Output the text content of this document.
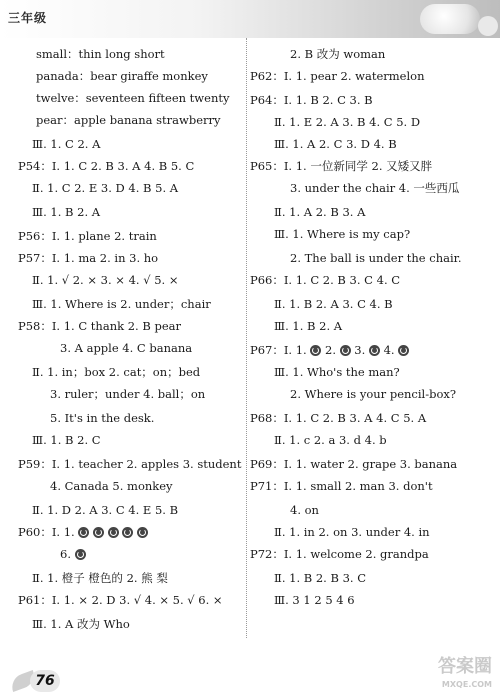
三年级
small：thin long short
panada：bear giraffe monkey
twelve：seventeen fifteen twenty
pear：apple banana strawberry
Ⅲ. 1. C 2. A
P54：Ⅰ. 1. C 2. B 3. A 4. B 5. C
Ⅱ. 1. C 2. E 3. D 4. B 5. A
Ⅲ. 1. B 2. A
P56：Ⅰ. 1. plane 2. train
P57：Ⅰ. 1. ma 2. in 3. ho
Ⅱ. 1. √ 2. × 3. × 4. √ 5. ×
Ⅲ. 1. Where is 2. under；chair
P58：Ⅰ. 1. C thank 2. B pear
3. A apple 4. C banana
Ⅱ. 1. in；box 2. cat；on；bed
3. ruler；under 4. ball；on
5. It's in the desk.
Ⅲ. 1. B 2. C
P59：Ⅰ. 1. teacher 2. apples 3. student
4. Canada 5. monkey
Ⅱ. 1. D 2. A 3. C 4. E 5. B
P60：Ⅰ. 1.
6.
Ⅱ. 1. 橙子 橙色的 2. 熊 梨
P61：Ⅰ. 1. × 2. D 3. √ 4. × 5. √ 6. ×
Ⅲ. 1. A 改为 Who
2. B 改为 woman
P62：Ⅰ. 1. pear 2. watermelon
P64：Ⅰ. 1. B 2. C 3. B
Ⅱ. 1. E 2. A 3. B 4. C 5. D
Ⅲ. 1. A 2. C 3. D 4. B
P65：Ⅰ. 1. 一位新同学 2. 又矮又胖
3. under the chair 4. 一些西瓜
Ⅱ. 1. A 2. B 3. A
Ⅲ. 1. Where is my cap?
2. The ball is under the chair.
P66：Ⅰ. 1. C 2. B 3. C 4. C
Ⅱ. 1. B 2. A 3. C 4. B
Ⅲ. 1. B 2. A
P67：Ⅰ. 1.  2.  3.  4.
Ⅲ. 1. Who's the man?
2. Where is your pencil-box?
P68：Ⅰ. 1. C 2. B 3. A 4. C 5. A
Ⅱ. 1. c 2. a 3. d 4. b
P69：Ⅰ. 1. water 2. grape 3. banana
P71：Ⅰ. 1. small 2. man 3. don't
4. on
Ⅱ. 1. in 2. on 3. under 4. in
P72：Ⅰ. 1. welcome 2. grandpa
Ⅱ. 1. B 2. B 3. C
Ⅲ. 3 1 2 5 4 6
76
答案圈
MXQE.COM
